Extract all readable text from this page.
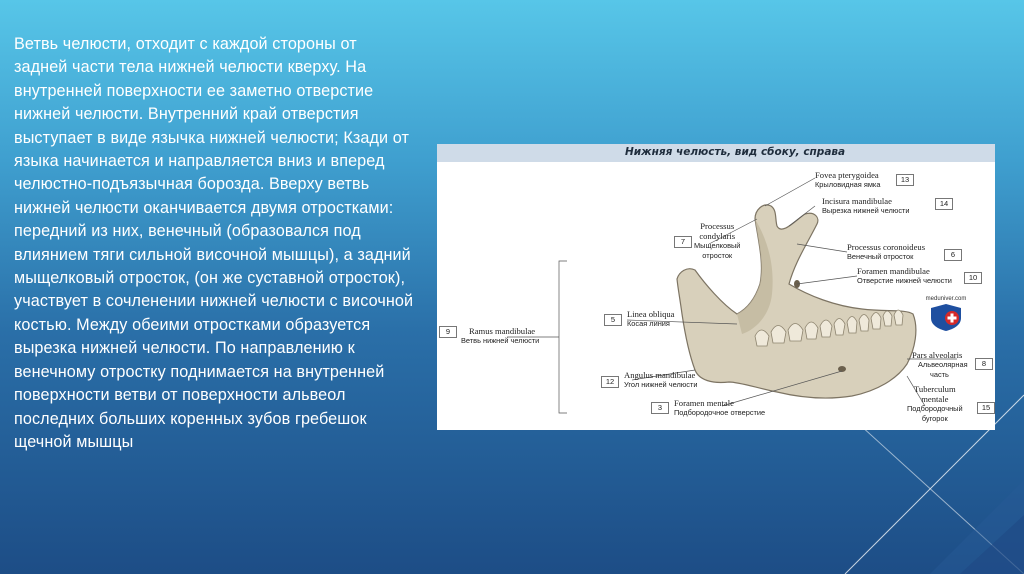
Ветвь челюсти, отходит с каждой стороны от задней части тела нижней челюсти кверху. На внутренней поверхности ее заметно отверстие нижней челюсти. Внутренний край отверстия выступает в виде язычка нижней челюсти; Кзади от языка начинается и направляется вниз и вперед челюстно-подъязычная борозда. Вверху ветвь нижней челюсти оканчивается двумя отростками: передний из них, венечный (образовался под влиянием тяги сильной височной мышцы), а задний мыщелковый отросток, (он же суставной отросток), участвует в сочленении нижней челюсти с височной костью. Между обеими отростками образуется вырезка нижней челюсти. По направлению к венечному отростку поднимается на внутренней поверхности ветви от поверхности альвеол последних больших коренных зубов гребешок щечной мышцы
Нижняя челюсть, вид сбоку, справа
Fovea pterygoidea
Крыловидная ямка
13
Incisura mandibulae
Вырезка нижней челюсти
14
Processus
condylaris
Мыщелковый
отросток
7
Processus coronoideus
Венечный отросток	6
Foramen mandibulae
Отверстие нижней челюсти	10
Linea obliqua
Косая линия
5
Ramus mandibulae
Ветвь нижней челюсти
9
Pars alveolaris
Альвеолярная
часть
8
Angulus mandibulae
Угол нижней челюсти
12
Tuberculum
mentale
Подбородочный
бугорок
15
Foramen mentale
Подбородочное отверстие
3
meduniver.com
